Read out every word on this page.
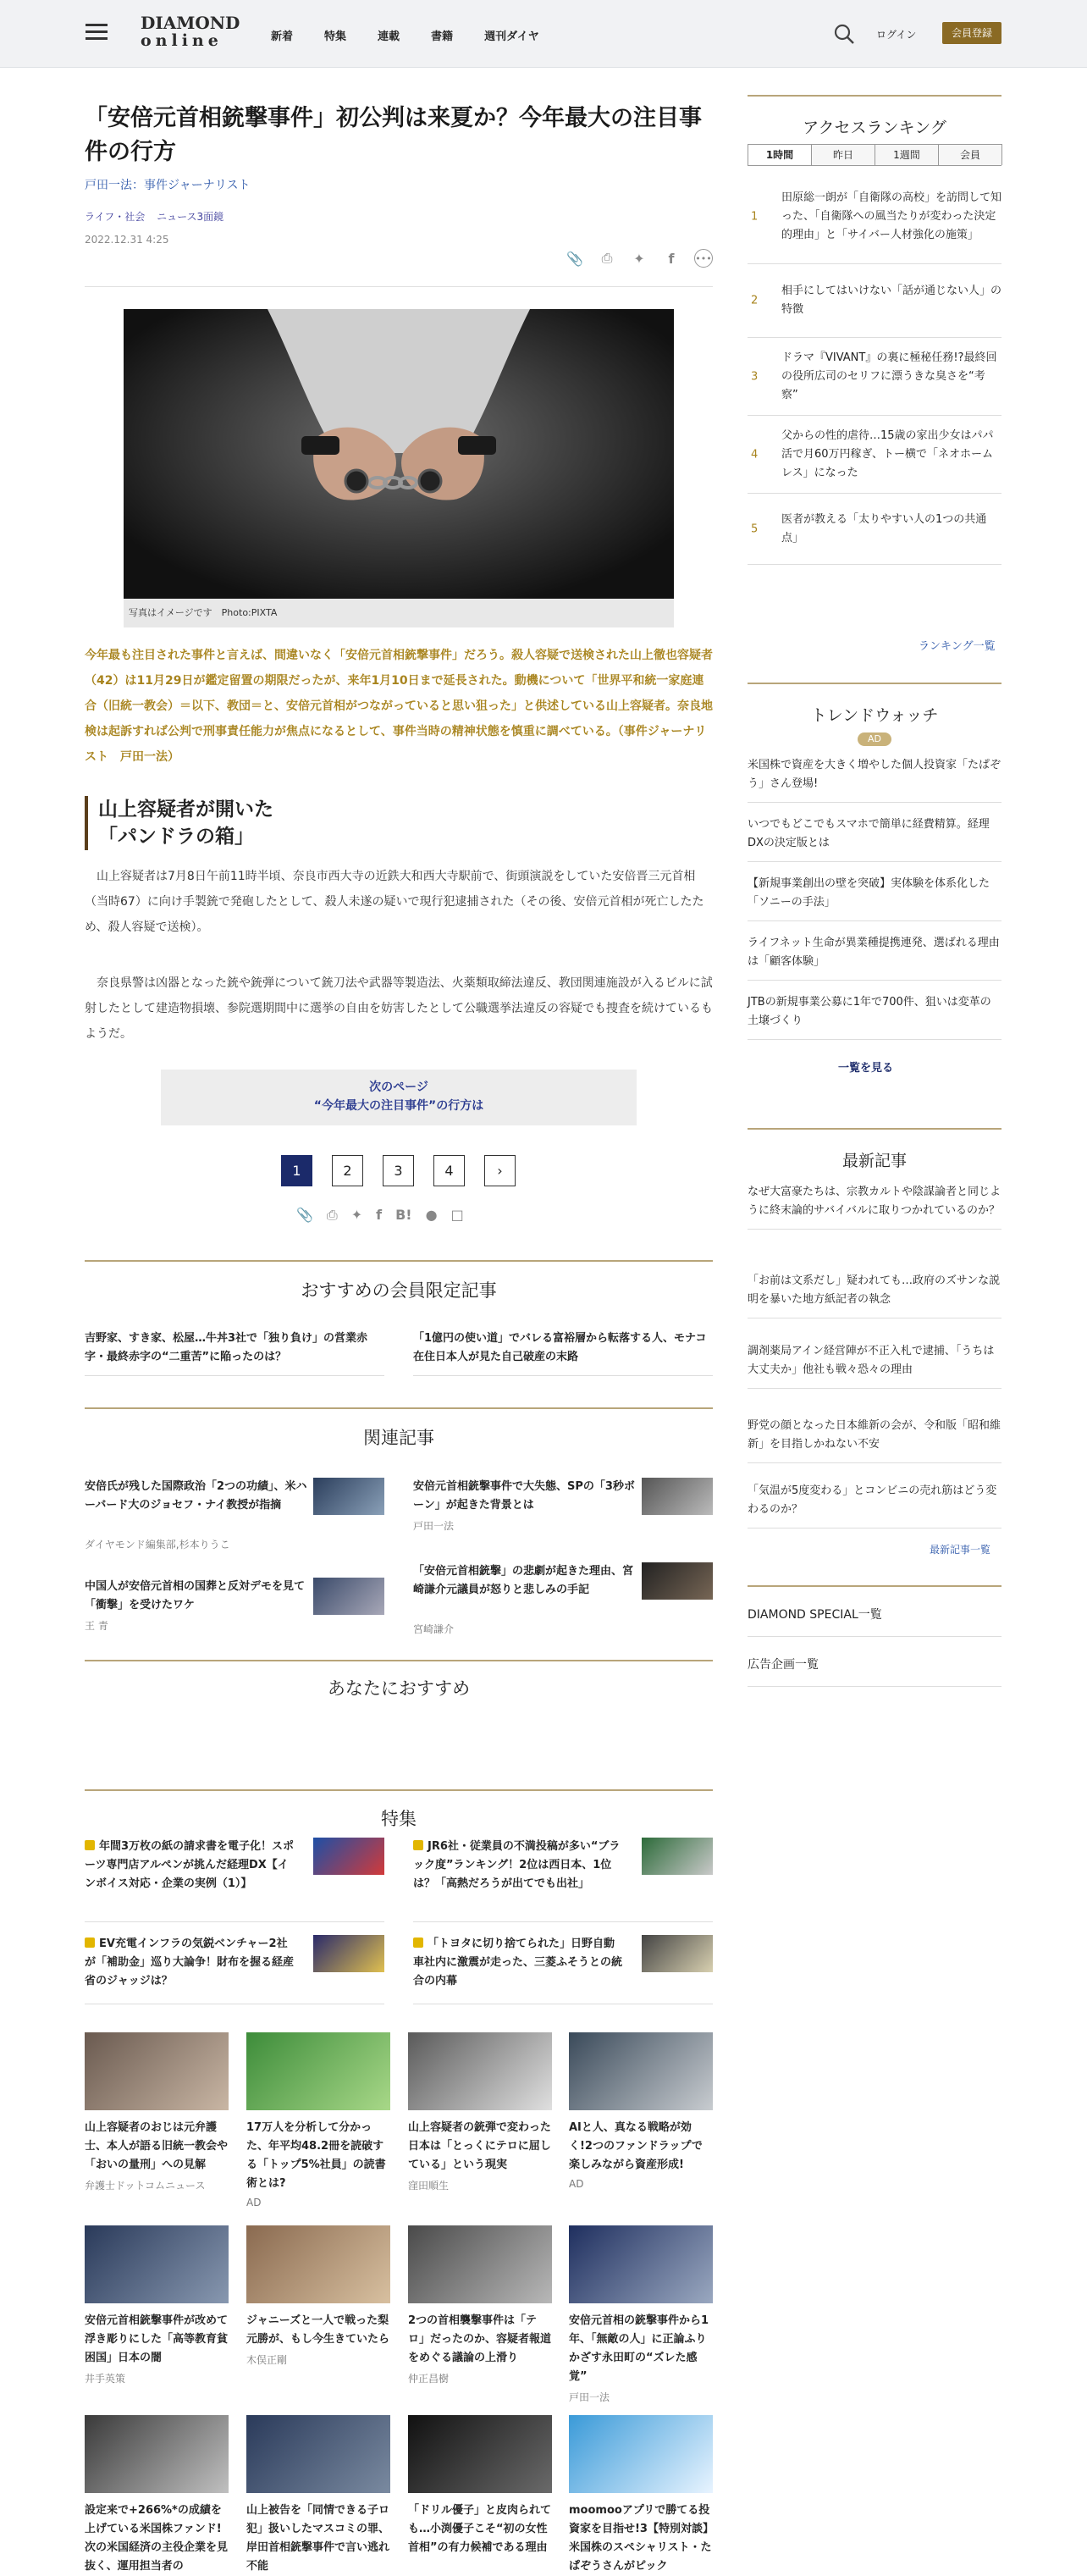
DIAMOND
online	新着	特集	連載	書籍	週刊ダイヤ	ログイン	会員登録
「安倍元首相銃撃事件」初公判は来夏か？今年最大の注目事件の行方
戸田一法：事件ジャーナリスト
ライフ・社会 ニュース3面鏡
2022.12.31 4:25
📎 ⎙ ✦	f	•••
写真はイメージです　Photo:PIXTA

今年最も注目された事件と言えば、間違いなく「安倍元首相銃撃事件」だろう。殺人容疑で送検された山上徹也容疑者（42）は11月29日が鑑定留置の期限だったが、来年1月10日まで延長された。動機について「世界平和統一家庭連合（旧統一教会）＝以下、教団＝と、安倍元首相がつながっていると思い狙った」と供述している山上容疑者。奈良地検は起訴すれば公判で刑事責任能力が焦点になるとして、事件当時の精神状態を慎重に調べている。（事件ジャーナリスト　戸田一法）

山上容疑者が開いた「パンドラの箱」

山上容疑者は7月8日午前11時半頃、奈良市西大寺の近鉄大和西大寺駅前で、街頭演説をしていた安倍晋三元首相（当時67）に向け手製銃で発砲したとして、殺人未遂の疑いで現行犯逮捕された（その後、安倍元首相が死亡したため、殺人容疑で送検）。

奈良県警は凶器となった銃や銃弾について銃刀法や武器等製造法、火薬類取締法違反、教団関連施設が入るビルに試射したとして建造物損壊、参院選期間中に選挙の自由を妨害したとして公職選挙法違反の容疑でも捜査を続けているもようだ。

次のページ
“今年最大の注目事件”の行方は
1	2	3	4	›
📎 ⎙ ✦ f B! ● □
おすすめの会員限定記事
吉野家、すき家、松屋…牛丼3社で「独り負け」の営業赤字・最終赤字の“二重苦”に陥ったのは？
「1億円の使い道」でバレる富裕層から転落する人、モナコ在住日本人が見た自己破産の末路
関連記事
安倍氏が残した国際政治「2つの功績」、米ハーバード大のジョセフ・ナイ教授が指摘
ダイヤモンド編集部,杉本りうこ
安倍元首相銃撃事件で大失態、SPの「3秒ボーン」が起きた背景とは
戸田一法
中国人が安倍元首相の国葬と反対デモを見て「衝撃」を受けたワケ
王 青
「安倍元首相銃撃」の悲劇が起きた理由、宮崎謙介元議員が怒りと悲しみの手記
宮崎謙介
あなたにおすすめ
特集
年間3万枚の紙の請求書を電子化！スポーツ専門店アルペンが挑んだ経理DX【インボイス対応・企業の実例（1）】
JR6社・従業員の不満投稿が多い“ブラック度”ランキング！2位は西日本、1位は？「高熱だろうが出てでも出社」
EV充電インフラの気鋭ベンチャー2社が「補助金」巡り大論争！財布を握る経産省のジャッジは？
「トヨタに切り捨てられた」日野自動車社内に激震が走った、三菱ふそうとの統合の内幕
山上容疑者のおじは元弁護士、本人が語る旧統一教会や「おいの量刑」への見解
弁護士ドットコムニュース
17万人を分析して分かった、年平均48.2冊を読破する「トップ5%社員」の読書術とは?
AD
山上容疑者の銃弾で変わった日本は「とっくにテロに屈している」という現実
窪田順生
AIと人、真なる戦略が効く!2つのファンドラップで楽しみながら資産形成!
AD
安倍元首相銃撃事件が改めて浮き彫りにした「高等教育貧困国」日本の闇
井手英策
ジャニーズと一人で戦った梨元勝が、もし今生きていたら
木俣正剛
2つの首相襲撃事件は「テロ」だったのか、容疑者報道をめぐる議論の上滑り
仲正昌樹
安倍元首相の銃撃事件から1年、「無敵の人」に正論ふりかざす永田町の“ズレた感覚”
戸田一法
設定来で+266%*の成績を上げている米国株ファンド!次の米国経済の主役企業を見抜く、運用担当者の
山上被告を「同情できる子ロ犯」扱いしたマスコミの罪、岸田首相銃撃事件で言い逃れ不能
「ドリル優子」と皮肉られても…小渕優子こそ“初の女性首相”の有力候補である理由
moomooアプリで勝てる投資家を目指せ!3【特別対談】米国株のスペシャリスト・たぱぞうさんがピック
アクセスランキング
1時間	昨日	1週間	会員
1
田原総一朗が「自衛隊の高校」を訪問して知った、「自衛隊への風当たりが変わった決定的理由」と「サイバー人材強化の施策」
2
相手にしてはいけない「話が通じない人」の特徴
3
ドラマ『VIVANT』の裏に極秘任務!?最終回の役所広司のセリフに漂うきな臭さを“考察”
4
父からの性的虐待…15歳の家出少女はパパ活で月60万円稼ぎ、トー横で「ネオホームレス」になった
5
医者が教える「太りやすい人の1つの共通点」
ランキング一覧
トレンドウォッチ
AD
米国株で資産を大きく増やした個人投資家「たぱぞう」さん登場!
いつでもどこでもスマホで簡単に経費精算。経理DXの決定版とは
【新規事業創出の壁を突破】実体験を体系化した「ソニーの手法」
ライフネット生命が異業種提携連発、選ばれる理由は「顧客体験」
JTBの新規事業公募に1年で700件、狙いは変革の土壌づくり
一覧を見る
最新記事
なぜ大富豪たちは、宗教カルトや陰謀論者と同じように終末論的サバイバルに取りつかれているのか？
「お前は文系だし」疑われても…政府のズサンな説明を暴いた地方紙記者の執念
調剤薬局アイン経営陣が不正入札で逮捕、「うちは大丈夫か」他社も戦々恐々の理由
野党の顔となった日本維新の会が、令和版「昭和維新」を目指しかねない不安
「気温が5度変わる」とコンビニの売れ筋はどう変わるのか？
最新記事一覧
DIAMOND SPECIAL一覧
広告企画一覧
